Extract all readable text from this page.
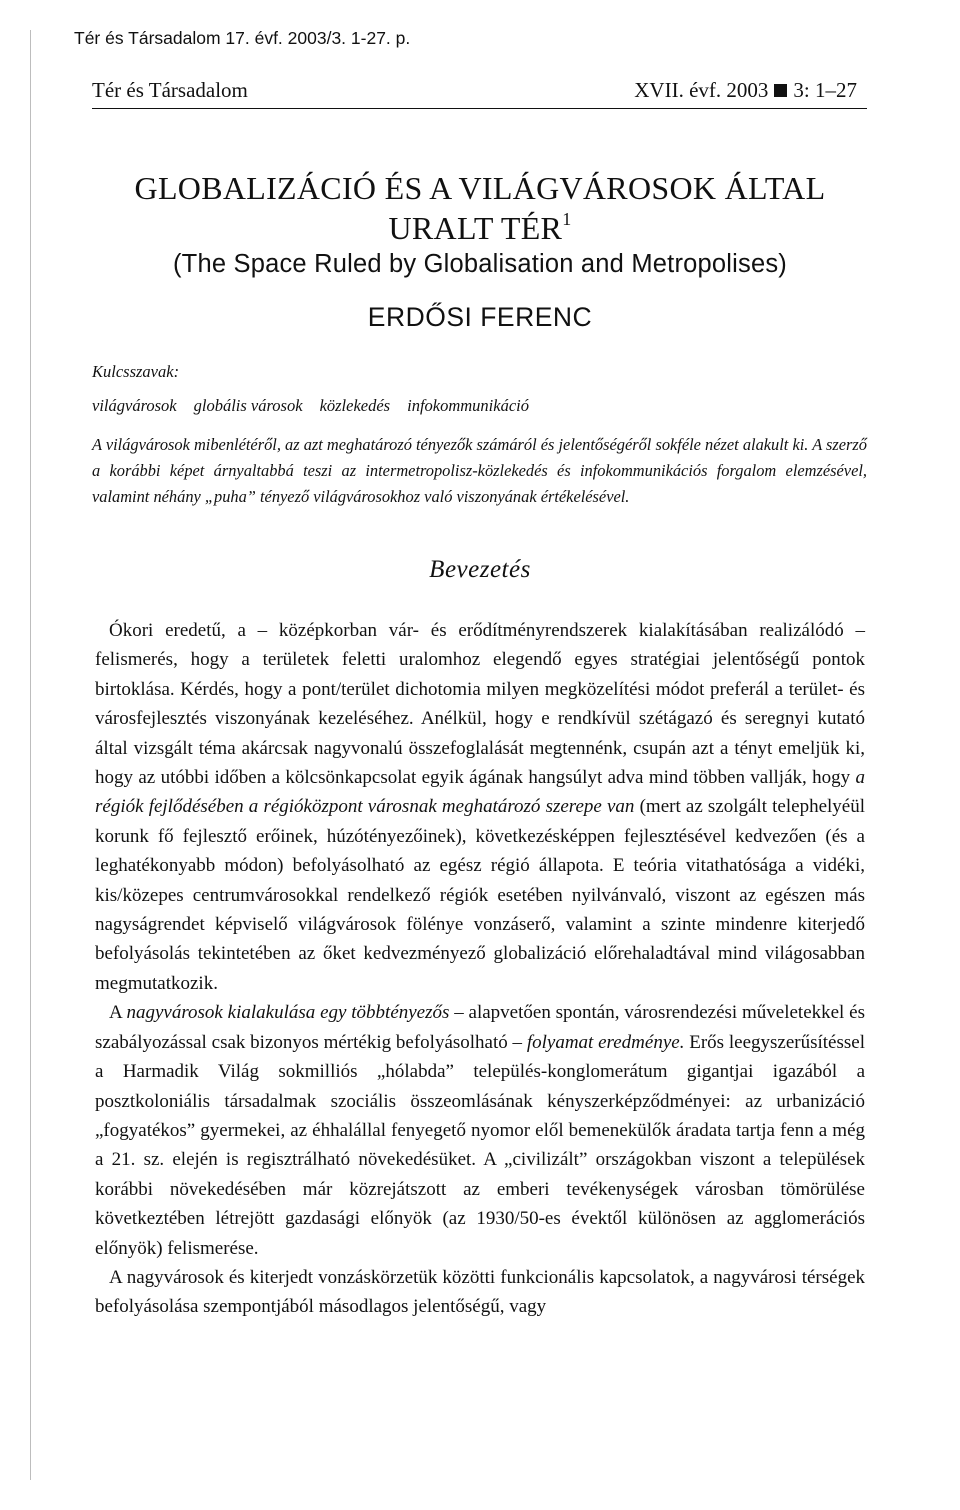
Tér és Társadalom 17. évf. 2003/3. 1-27. p.
Tér és Társadalom	XVII. évf. 2003 3: 1–27
GLOBALIZÁCIÓ ÉS A VILÁGVÁROSOK ÁLTAL
URALT TÉR$^1$
(The Space Ruled by Globalisation and Metropolises)
ERDŐSI FERENC
Kulcsszavak:
világvárosok globális városok közlekedés infokommunikáció
A világvárosok mibenlétéről, az azt meghatározó tényezők számáról és jelentőségéről sokféle nézet alakult ki. A szerző a korábbi képet árnyaltabbá teszi az intermetropolisz-közlekedés és infokommunikációs forgalom elemzésével, valamint néhány „puha” tényező világvárosokhoz való viszonyának értékelésével.
Bevezetés

Ókori eredetű, a – középkorban vár- és erődítményrendszerek kialakításában realizálódó – felismerés, hogy a területek feletti uralomhoz elegendő egyes stratégiai jelentőségű pontok birtoklása. Kérdés, hogy a pont/terület dichotomia milyen megközelítési módot preferál a terület- és városfejlesztés viszonyának kezeléséhez. Anélkül, hogy e rendkívül szétágazó és seregnyi kutató által vizsgált téma akárcsak nagyvonalú összefoglalását megtennénk, csupán azt a tényt emeljük ki, hogy az utóbbi időben a kölcsönkapcsolat egyik ágának hangsúlyt adva mind többen vallják, hogy a régiók fejlődésében a régióközpont városnak meghatározó szerepe van (mert az szolgált telephelyéül korunk fő fejlesztő erőinek, húzótényezőinek), következésképpen fejlesztésével kedvezően (és a leghatékonyabb módon) befolyásolható az egész régió állapota. E teória vitathatósága a vidéki, kis/közepes centrumvárosokkal rendelkező régiók esetében nyilvánvaló, viszont az egészen más nagyságrendet képviselő világvárosok fölénye vonzáserő, valamint a szinte mindenre kiterjedő befolyásolás tekintetében az őket kedvezményező globalizáció előrehaladtával mind világosabban megmutatkozik.

A nagyvárosok kialakulása egy többtényezős – alapvetően spontán, városrendezési műveletekkel és szabályozással csak bizonyos mértékig befolyásolható – folyamat eredménye. Erős leegyszerűsítéssel a Harmadik Világ sokmilliós „hólabda” település-konglomerátum gigantjai igazából a posztkoloniális társadalmak szociális összeomlásának kényszerképződményei: az urbanizáció „fogyatékos” gyermekei, az éhhalállal fenyegető nyomor elől bemenekülők áradata tartja fenn a még a 21. sz. elején is regisztrálható növekedésüket. A „civilizált” országokban viszont a települések korábbi növekedésében már közrejátszott az emberi tevékenységek városban tömörülése következtében létrejött gazdasági előnyök (az 1930/50-es évektől különösen az agglomerációs előnyök) felismerése.

A nagyvárosok és kiterjedt vonzáskörzetük közötti funkcionális kapcsolatok, a nagyvárosi térségek befolyásolása szempontjából másodlagos jelentőségű, vagy
